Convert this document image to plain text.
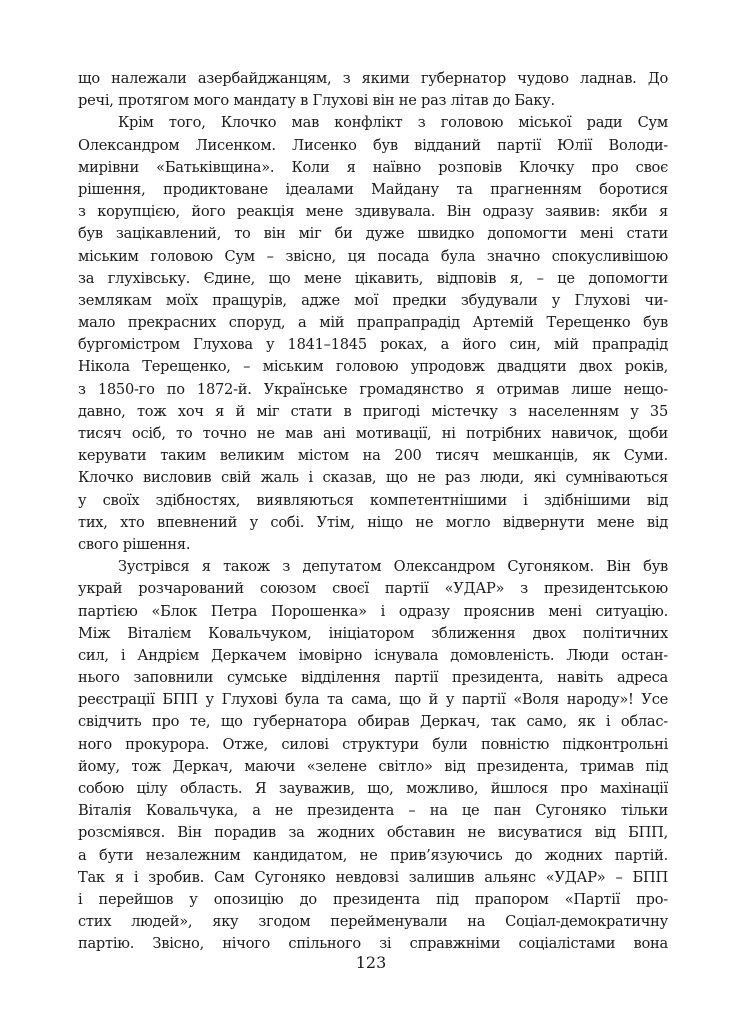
що належали азербайджанцям, з якими губернатор чудово ладнав. До
речі, протягом мого мандату в Глухові він не раз літав до Баку.
Крім того, Клочко мав конфлікт з головою міської ради Сум
Олександром Лисенком. Лисенко був відданий партії Юлії Володи-
мирівни «Батьківщина». Коли я наївно розповів Клочку про своє
рішення, продиктоване ідеалами Майдану та прагненням боротися
з корупцією, його реакція мене здивувала. Він одразу заявив: якби я
був зацікавлений, то він міг би дуже швидко допомогти мені стати
міським головою Сум – звісно, ця посада була значно спокусливішою
за глухівську. Єдине, що мене цікавить, відповів я, – це допомогти
землякам моїх пращурів, адже мої предки збудували у Глухові чи-
мало прекрасних споруд, а мій прапрапрадід Артемій Терещенко був
бургомістром Глухова у 1841–1845 роках, а його син, мій прапрадід
Нікола Терещенко, – міським головою упродовж двадцяти двох років,
з 1850-го по 1872-й. Українське громадянство я отримав лише нещо-
давно, тож хоч я й міг стати в пригоді містечку з населенням у 35
тисяч осіб, то точно не мав ані мотивації, ні потрібних навичок, щоби
керувати таким великим містом на 200 тисяч мешканців, як Суми.
Клочко висловив свій жаль і сказав, що не раз люди, які сумніваються
у своїх здібностях, виявляються компетентнішими і здібнішими від
тих, хто впевнений у собі. Утім, ніщо не могло відвернути мене від
свого рішення.
Зустрівся я також з депутатом Олександром Сугоняком. Він був
украй розчарований союзом своєї партії «УДАР» з президентською
партією «Блок Петра Порошенка» і одразу прояснив мені ситуацію.
Між Віталієм Ковальчуком, ініціатором зближення двох політичних
сил, і Андрієм Деркачем імовірно існувала домовленість. Люди остан-
нього заповнили сумське відділення партії президента, навіть адреса
реєстрації БПП у Глухові була та сама, що й у партії «Воля народу»! Усе
свідчить про те, що губернатора обирав Деркач, так само, як і облас-
ного прокурора. Отже, силові структури були повністю підконтрольні
йому, тож Деркач, маючи «зелене світло» від президента, тримав під
собою цілу область. Я зауважив, що, можливо, йшлося про махінації
Віталія Ковальчука, а не президента – на це пан Сугоняко тільки
розсміявся. Він порадив за жодних обставин не висуватися від БПП,
а бути незалежним кандидатом, не прив’язуючись до жодних партій.
Так я і зробив. Сам Сугоняко невдовзі залишив альянс «УДАР» – БПП
і перейшов у опозицію до президента під прапором «Партії про-
стих людей», яку згодом перейменували на Соціал-демократичну
партію. Звісно, нічого спільного зі справжніми соціалістами вона
123
